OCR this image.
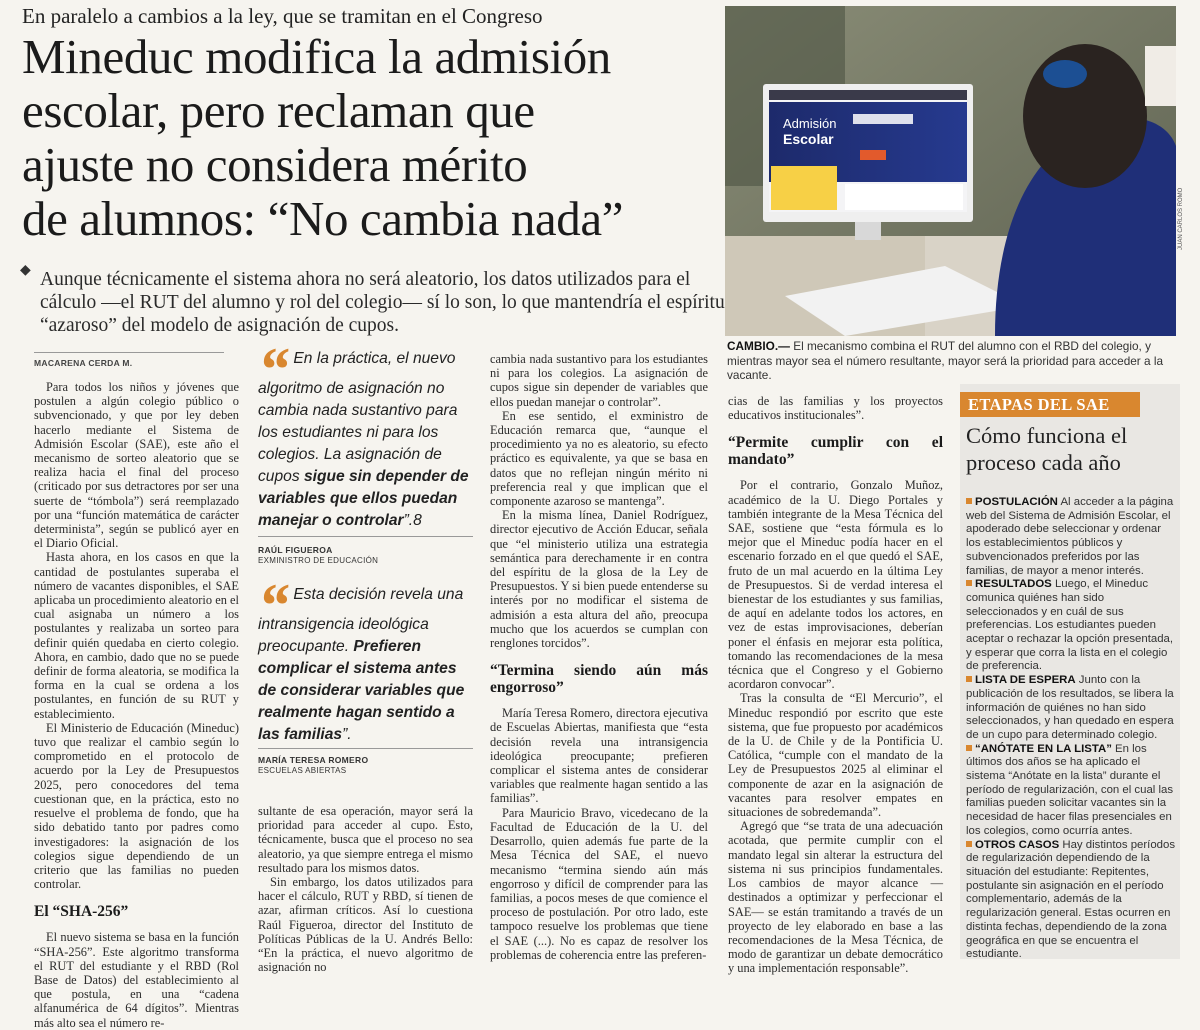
En paralelo a cambios a la ley, que se tramitan en el Congreso
Mineduc modifica la admisión
escolar, pero reclaman que
ajuste no considera mérito
de alumnos: “No cambia nada”
◆ Aunque técnicamente el sistema ahora no será aleatorio, los datos utilizados para el cálculo —el RUT del alumno y rol del colegio— sí lo son, lo que mantendría el espíritu “azaroso” del modelo de asignación de cupos.
MACARENA CERDA M.

Para todos los niños y jóvenes que postulen a algún colegio público o subvencionado, y que por ley deben hacerlo mediante el Sistema de Admisión Escolar (SAE), este año el mecanismo de sorteo aleatorio que se realiza hacia el final del proceso (criticado por sus detractores por ser una suerte de “tómbola”) será reemplazado por una “función matemática de carácter determinista”, según se publicó ayer en el Diario Oficial.

Hasta ahora, en los casos en que la cantidad de postulantes superaba el número de vacantes disponibles, el SAE aplicaba un procedimiento aleatorio en el cual asignaba un número a los postulantes y realizaba un sorteo para definir quién quedaba en cierto colegio. Ahora, en cambio, dado que no se puede definir de forma aleatoria, se modifica la forma en la cual se ordena a los postulantes, en función de su RUT y establecimiento.

El Ministerio de Educación (Mineduc) tuvo que realizar el cambio según lo comprometido en el protocolo de acuerdo por la Ley de Presupuestos 2025, pero conocedores del tema cuestionan que, en la práctica, esto no resuelve el problema de fondo, que ha sido debatido tanto por padres como investigadores: la asignación de los colegios sigue dependiendo de un criterio que las familias no pueden controlar.

El “SHA-256”

El nuevo sistema se basa en la función “SHA-256”. Este algoritmo transforma el RUT del estudiante y el RBD (Rol Base de Datos) del establecimiento al que postula, en una “cadena alfanumérica de 64 dígitos”. Mientras más alto sea el número re-

“ En la práctica, el nuevo algoritmo de asignación no cambia nada sustantivo para los estudiantes ni para los colegios. La asignación de cupos sigue sin depender de variables que ellos puedan manejar o controlar”.8
RAÚL FIGUEROA
EXMINISTRO DE EDUCACIÓN
“ Esta decisión revela una intransigencia ideológica preocupante. Prefieren complicar el sistema antes de considerar variables que realmente hagan sentido a las familias”.
MARÍA TERESA ROMERO
ESCUELAS ABIERTAS

sultante de esa operación, mayor será la prioridad para acceder al cupo. Esto, técnicamente, busca que el proceso no sea aleatorio, ya que siempre entrega el mismo resultado para los mismos datos.

Sin embargo, los datos utilizados para hacer el cálculo, RUT y RBD, sí tienen de azar, afirman críticos. Así lo cuestiona Raúl Figueroa, director del Instituto de Políticas Públicas de la U. Andrés Bello: “En la práctica, el nuevo algoritmo de asignación no

cambia nada sustantivo para los estudiantes ni para los colegios. La asignación de cupos sigue sin depender de variables que ellos puedan manejar o controlar”.

En ese sentido, el exministro de Educación remarca que, “aunque el procedimiento ya no es aleatorio, su efecto práctico es equivalente, ya que se basa en datos que no reflejan ningún mérito ni preferencia real y que implican que el componente azaroso se mantenga”.

En la misma línea, Daniel Rodríguez, director ejecutivo de Acción Educar, señala que “el ministerio utiliza una estrategia semántica para derechamente ir en contra del espíritu de la glosa de la Ley de Presupuestos. Y si bien puede entenderse su interés por no modificar el sistema de admisión a esta altura del año, preocupa mucho que los acuerdos se cumplan con renglones torcidos”.

“Termina siendo aún más engorroso”

María Teresa Romero, directora ejecutiva de Escuelas Abiertas, manifiesta que “esta decisión revela una intransigencia ideológica preocupante; prefieren complicar el sistema antes de considerar variables que realmente hagan sentido a las familias”.

Para Mauricio Bravo, vicedecano de la Facultad de Educación de la U. del Desarrollo, quien además fue parte de la Mesa Técnica del SAE, el nuevo mecanismo “termina siendo aún más engorroso y difícil de comprender para las familias, a pocos meses de que comience el proceso de postulación. Por otro lado, este tampoco resuelve los problemas que tiene el SAE (...). No es capaz de resolver los problemas de coherencia entre las preferen-

Admisión
Escolar
JUAN CARLOS ROMO
CAMBIO.— El mecanismo combina el RUT del alumno con el RBD del colegio, y mientras mayor sea el número resultante, mayor será la prioridad para acceder a la vacante.

cias de las familias y los proyectos educativos institucionales”.

“Permite cumplir con el mandato”

Por el contrario, Gonzalo Muñoz, académico de la U. Diego Portales y también integrante de la Mesa Técnica del SAE, sostiene que “esta fórmula es lo mejor que el Mineduc podía hacer en el escenario forzado en el que quedó el SAE, fruto de un mal acuerdo en la última Ley de Presupuestos. Si de verdad interesa el bienestar de los estudiantes y sus familias, de aquí en adelante todos los actores, en vez de estas improvisaciones, deberían poner el énfasis en mejorar esta política, tomando las recomendaciones de la mesa técnica que el Congreso y el Gobierno acordaron convocar”.

Tras la consulta de “El Mercurio”, el Mineduc respondió por escrito que este sistema, que fue propuesto por académicos de la U. de Chile y de la Pontificia U. Católica, “cumple con el mandato de la Ley de Presupuestos 2025 al eliminar el componente de azar en la asignación de vacantes para resolver empates en situaciones de sobredemanda”.

Agregó que “se trata de una adecuación acotada, que permite cumplir con el mandato legal sin alterar la estructura del sistema ni sus principios fundamentales. Los cambios de mayor alcance —destinados a optimizar y perfeccionar el SAE— se están tramitando a través de un proyecto de ley elaborado en base a las recomendaciones de la Mesa Técnica, de modo de garantizar un debate democrático y una implementación responsable”.

ETAPAS DEL SAE
Cómo funciona el proceso cada año
POSTULACIÓN Al acceder a la página web del Sistema de Admisión Escolar, el apoderado debe seleccionar y ordenar los establecimientos públicos y subvencionados preferidos por las familias, de mayor a menor interés.
RESULTADOS Luego, el Mineduc comunica quiénes han sido seleccionados y en cuál de sus preferencias. Los estudiantes pueden aceptar o rechazar la opción presentada, y esperar que corra la lista en el colegio de preferencia.
LISTA DE ESPERA Junto con la publicación de los resultados, se libera la información de quiénes no han sido seleccionados, y han quedado en espera de un cupo para determinado colegio.
“ANÓTATE EN LA LISTA” En los últimos dos años se ha aplicado el sistema “Anótate en la lista” durante el período de regularización, con el cual las familias pueden solicitar vacantes sin la necesidad de hacer filas presenciales en los colegios, como ocurría antes.
OTROS CASOS Hay distintos períodos de regularización dependiendo de la situación del estudiante: Repitentes, postulante sin asignación en el período complementario, además de la regularización general. Estas ocurren en distinta fechas, dependiendo de la zona geográfica en que se encuentra el estudiante.
